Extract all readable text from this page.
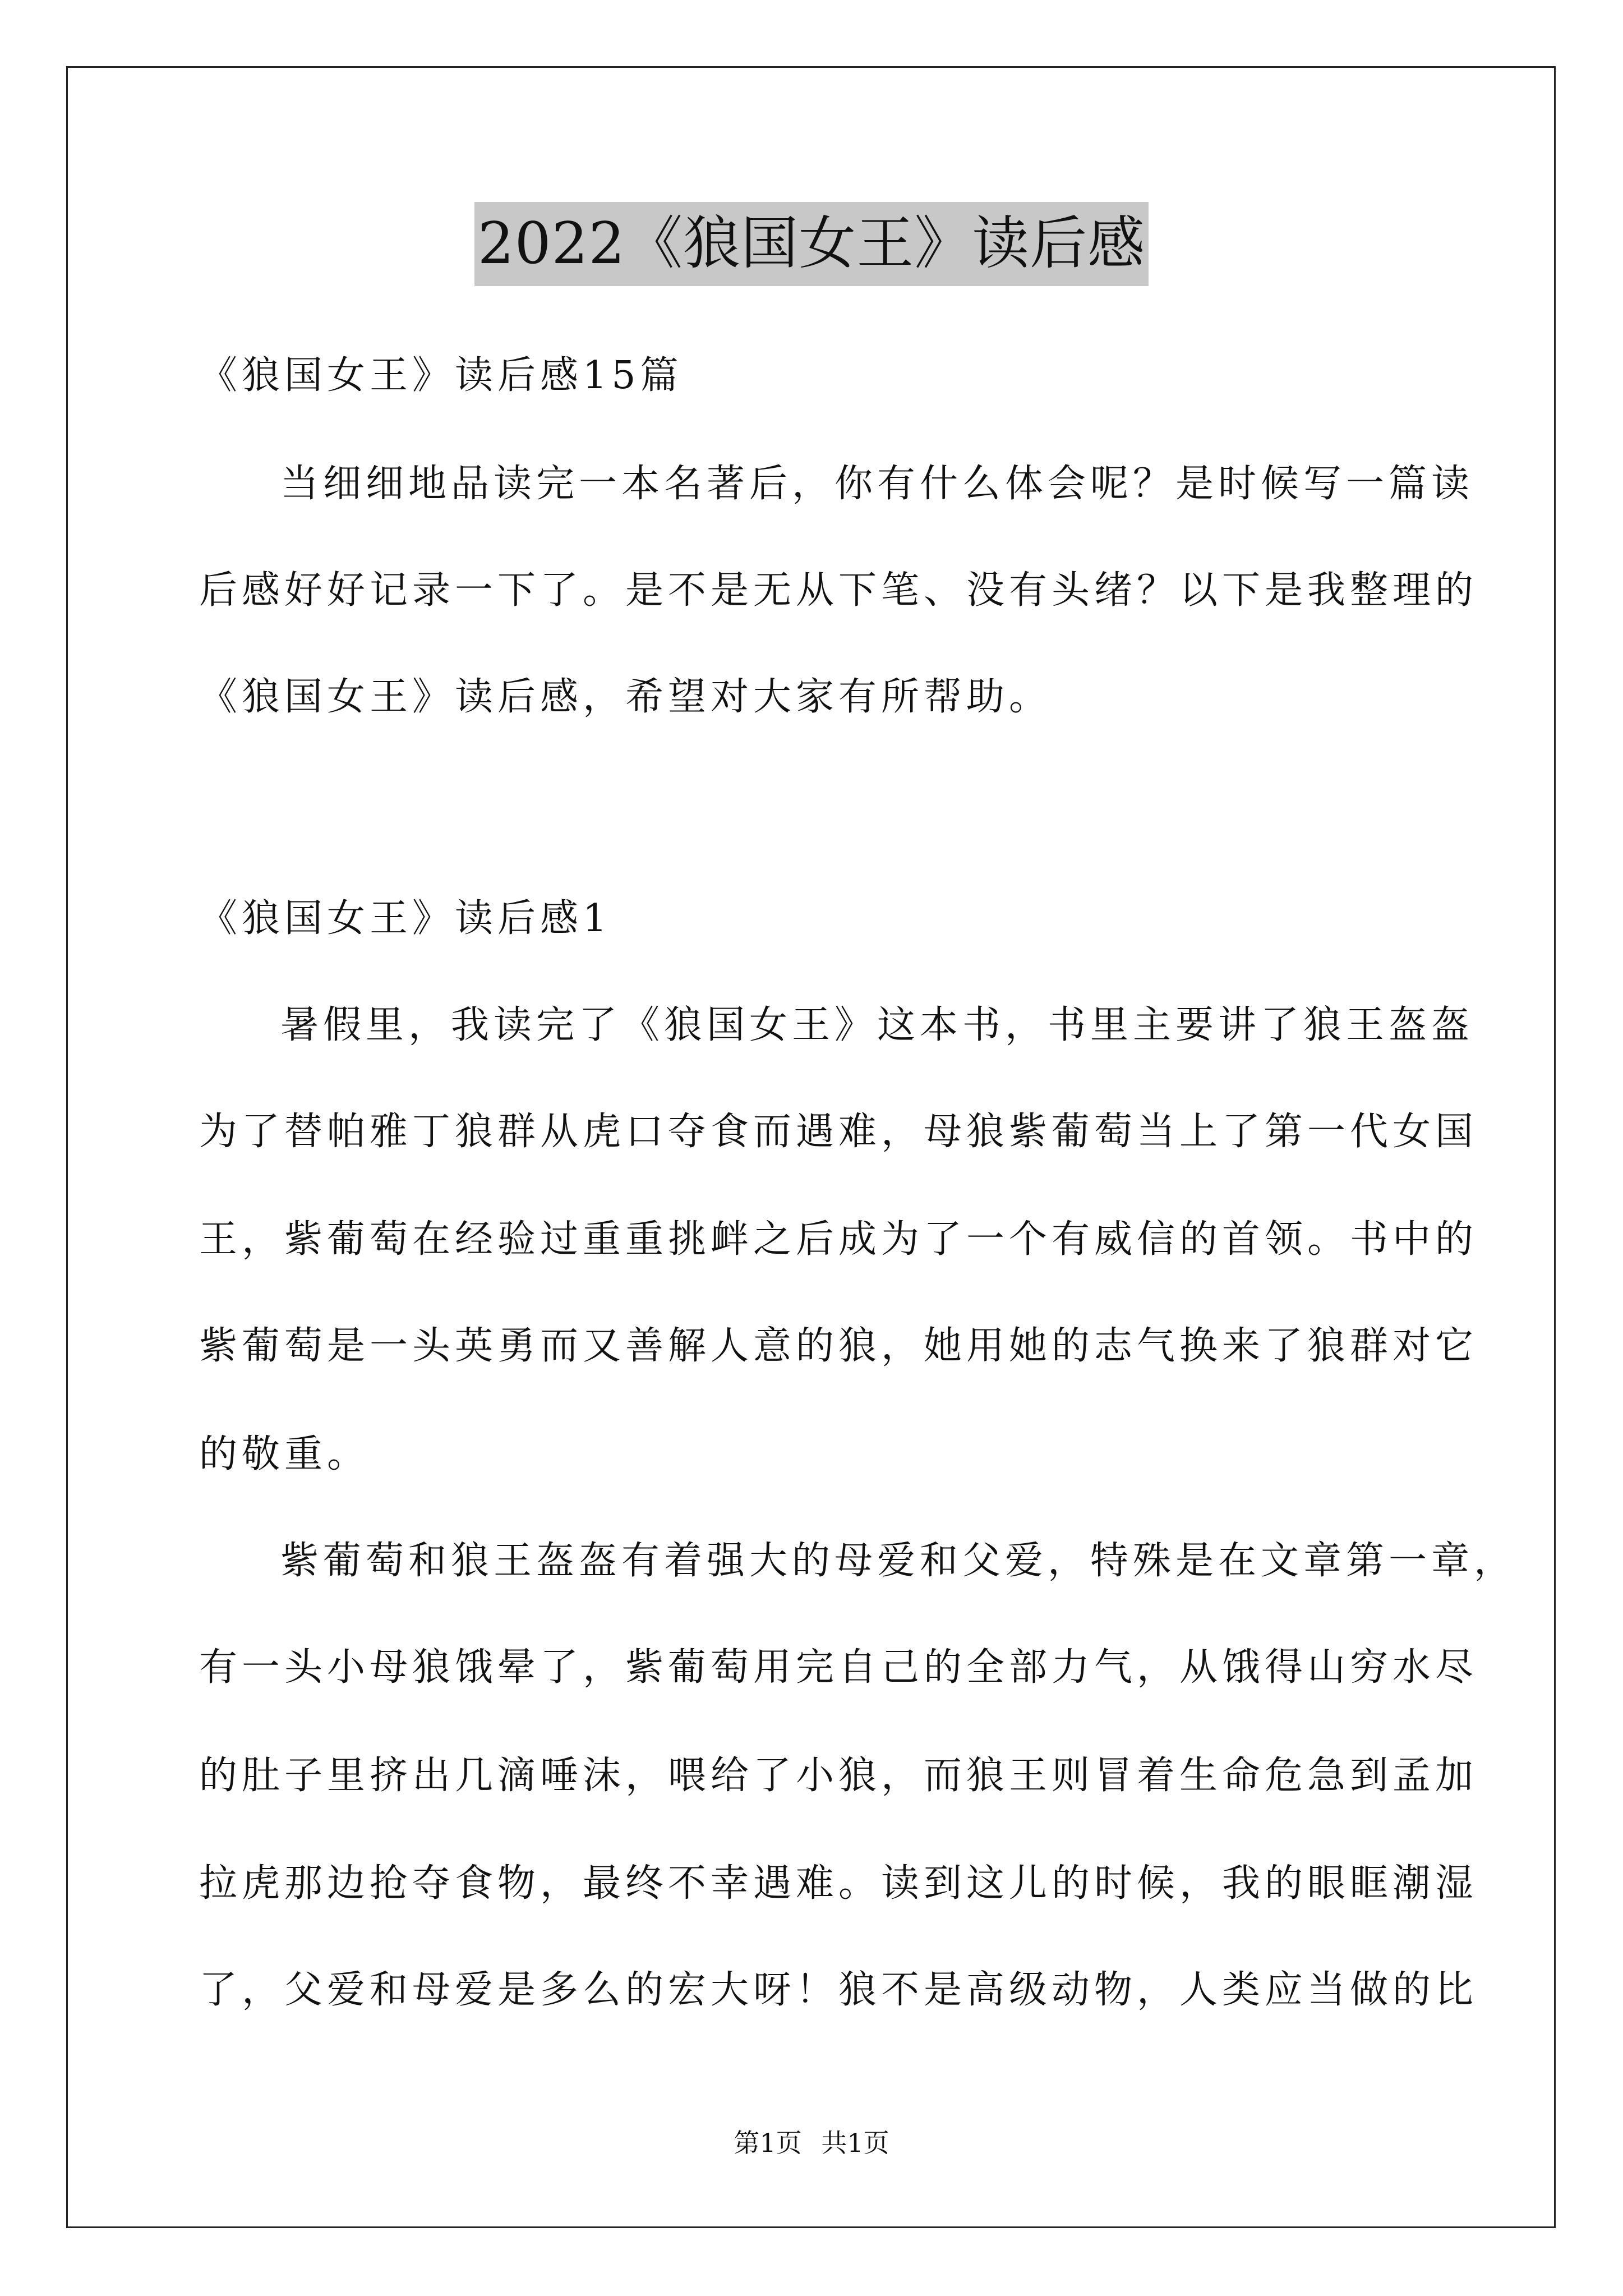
2022《狼国女王》读后感
《狼国女王》读后感15篇
当细细地品读完一本名著后，你有什么体会呢？是时候写一篇读
后感好好记录一下了。是不是无从下笔、没有头绪？以下是我整理的
《狼国女王》读后感，希望对大家有所帮助。
《狼国女王》读后感1
暑假里，我读完了《狼国女王》这本书，书里主要讲了狼王盔盔
为了替帕雅丁狼群从虎口夺食而遇难，母狼紫葡萄当上了第一代女国
王，紫葡萄在经验过重重挑衅之后成为了一个有威信的首领。书中的
紫葡萄是一头英勇而又善解人意的狼，她用她的志气换来了狼群对它
的敬重。
紫葡萄和狼王盔盔有着强大的母爱和父爱，特殊是在文章第一章，
有一头小母狼饿晕了，紫葡萄用完自己的全部力气，从饿得山穷水尽
的肚子里挤出几滴唾沫，喂给了小狼，而狼王则冒着生命危急到孟加
拉虎那边抢夺食物，最终不幸遇难。读到这儿的时候，我的眼眶潮湿
了，父爱和母爱是多么的宏大呀！狼不是高级动物，人类应当做的比
第1页 共1页
